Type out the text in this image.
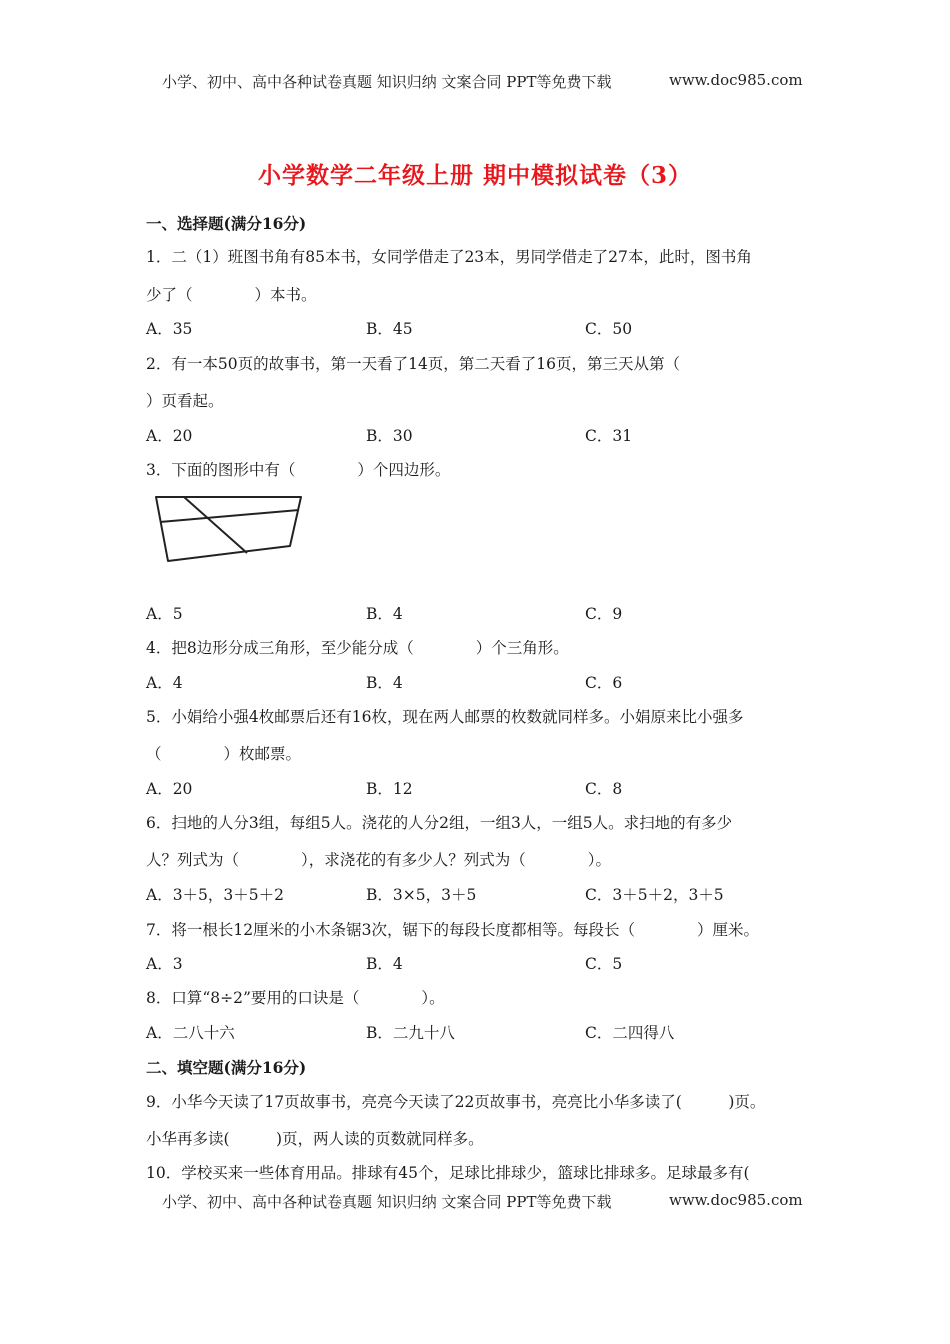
小学、初中、高中各种试卷真题 知识归纳 文案合同 PPT等免费下载	www.doc985.com
小学数学二年级上册 期中模拟试卷（3）
一、选择题(满分16分)
1．二（1）班图书角有85本书，女同学借走了23本，男同学借走了27本，此时，图书角
少了（　　　　）本书。
A．35	B．45	C．50
2．有一本50页的故事书，第一天看了14页，第二天看了16页，第三天从第（
）页看起。
A．20	B．30	C．31
3．下面的图形中有（　　　　）个四边形。
A．5	B．4	C．9
4．把8边形分成三角形，至少能分成（　　　　）个三角形。
A．4	B．4	C．6
5．小娟给小强4枚邮票后还有16枚，现在两人邮票的枚数就同样多。小娟原来比小强多
（　　　　）枚邮票。
A．20	B．12	C．8
6．扫地的人分3组，每组5人。浇花的人分2组，一组3人，一组5人。求扫地的有多少
人？列式为（　　　　），求浇花的有多少人？列式为（　　　　）。
A．3＋5，3＋5＋2	B．3×5，3＋5	C．3＋5＋2，3＋5
7．将一根长12厘米的小木条锯3次，锯下的每段长度都相等。每段长（　　　　）厘米。
A．3	B．4	C．5
8．口算“8÷2”要用的口诀是（　　　　）。
A．二八十六	B．二九十八	C．二四得八
二、填空题(满分16分)
9．小华今天读了17页故事书，亮亮今天读了22页故事书，亮亮比小华多读了(　　　)页。
小华再多读(　　　)页，两人读的页数就同样多。
10．学校买来一些体育用品。排球有45个，足球比排球少，篮球比排球多。足球最多有(
小学、初中、高中各种试卷真题 知识归纳 文案合同 PPT等免费下载	www.doc985.com
